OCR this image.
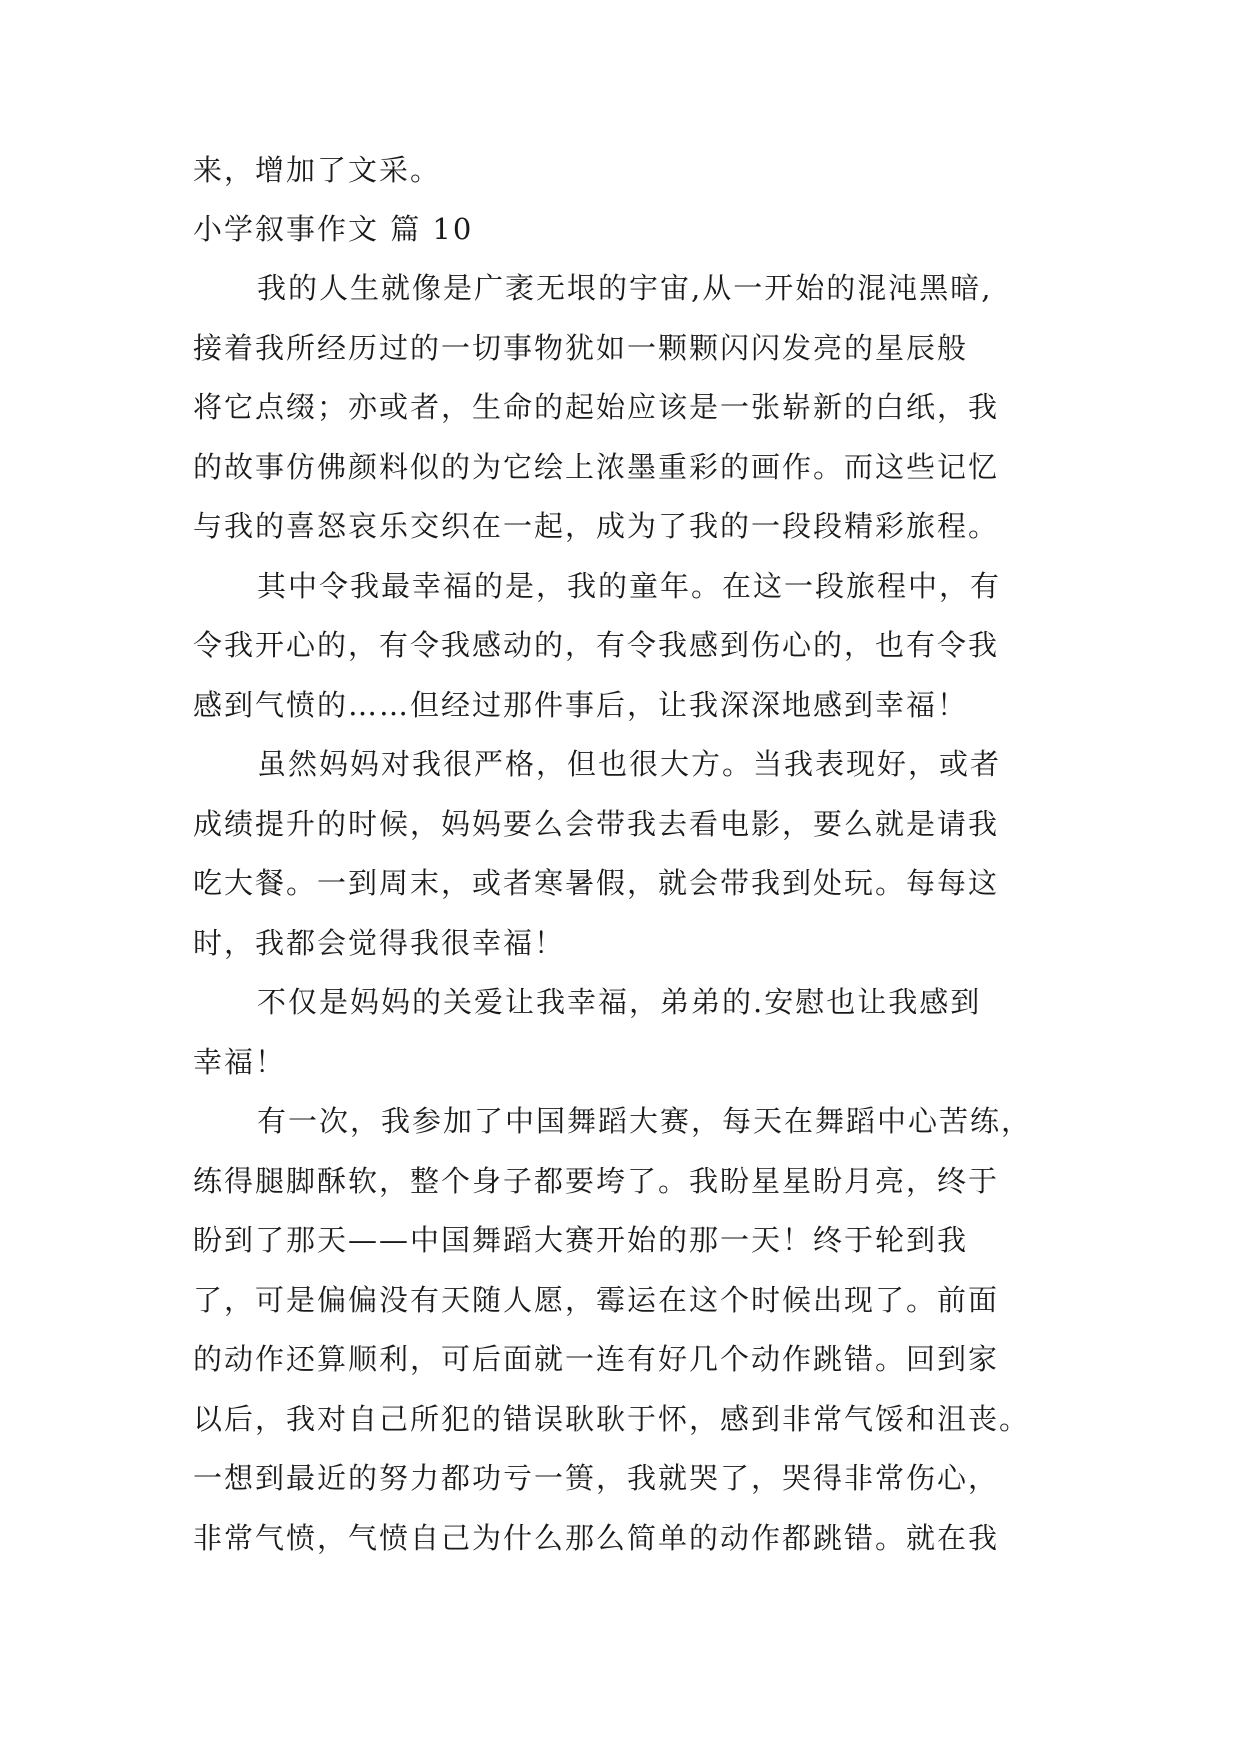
来，增加了文采。
小学叙事作文 篇 10
我的人生就像是广袤无垠的宇宙,从一开始的混沌黑暗,
接着我所经历过的一切事物犹如一颗颗闪闪发亮的星辰般
将它点缀；亦或者，生命的起始应该是一张崭新的白纸，我
的故事仿佛颜料似的为它绘上浓墨重彩的画作。而这些记忆
与我的喜怒哀乐交织在一起，成为了我的一段段精彩旅程。
其中令我最幸福的是，我的童年。在这一段旅程中，有
令我开心的，有令我感动的，有令我感到伤心的，也有令我
感到气愤的……但经过那件事后，让我深深地感到幸福！
虽然妈妈对我很严格，但也很大方。当我表现好，或者
成绩提升的时候，妈妈要么会带我去看电影，要么就是请我
吃大餐。一到周末，或者寒暑假，就会带我到处玩。每每这
时，我都会觉得我很幸福！
不仅是妈妈的关爱让我幸福，弟弟的.安慰也让我感到
幸福！
有一次，我参加了中国舞蹈大赛，每天在舞蹈中心苦练，
练得腿脚酥软，整个身子都要垮了。我盼星星盼月亮，终于
盼到了那天——中国舞蹈大赛开始的那一天！终于轮到我
了，可是偏偏没有天随人愿，霉运在这个时候出现了。前面
的动作还算顺利，可后面就一连有好几个动作跳错。回到家
以后，我对自己所犯的错误耿耿于怀，感到非常气馁和沮丧。
一想到最近的努力都功亏一篑，我就哭了，哭得非常伤心，
非常气愤，气愤自己为什么那么简单的动作都跳错。就在我
